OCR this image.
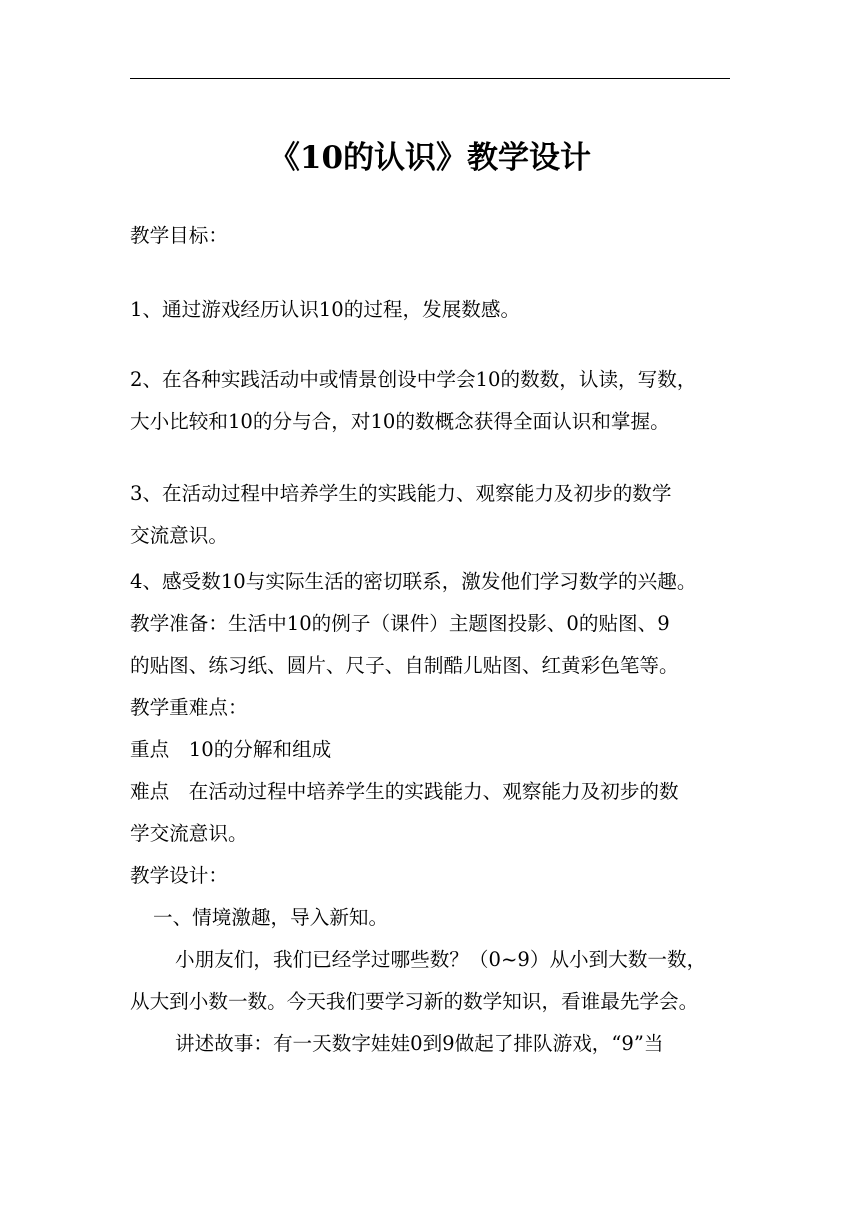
《10的认识》教学设计

教学目标：

1、通过游戏经历认识10的过程，发展数感。

2、在各种实践活动中或情景创设中学会10的数数，认读，写数，

大小比较和10的分与合，对10的数概念获得全面认识和掌握。

3、在活动过程中培养学生的实践能力、观察能力及初步的数学

交流意识。

4、感受数10与实际生活的密切联系，激发他们学习数学的兴趣。

教学准备：生活中10的例子（课件）主题图投影、0的贴图、9

的贴图、练习纸、圆片、尺子、自制酷儿贴图、红黄彩色笔等。

教学重难点：

重点　10的分解和组成

难点　在活动过程中培养学生的实践能力、观察能力及初步的数

学交流意识。

教学设计：

一、情境激趣，导入新知。

小朋友们，我们已经学过哪些数？（0~9）从小到大数一数，

从大到小数一数。今天我们要学习新的数学知识，看谁最先学会。

讲述故事：有一天数字娃娃0到9做起了排队游戏，“9”当
